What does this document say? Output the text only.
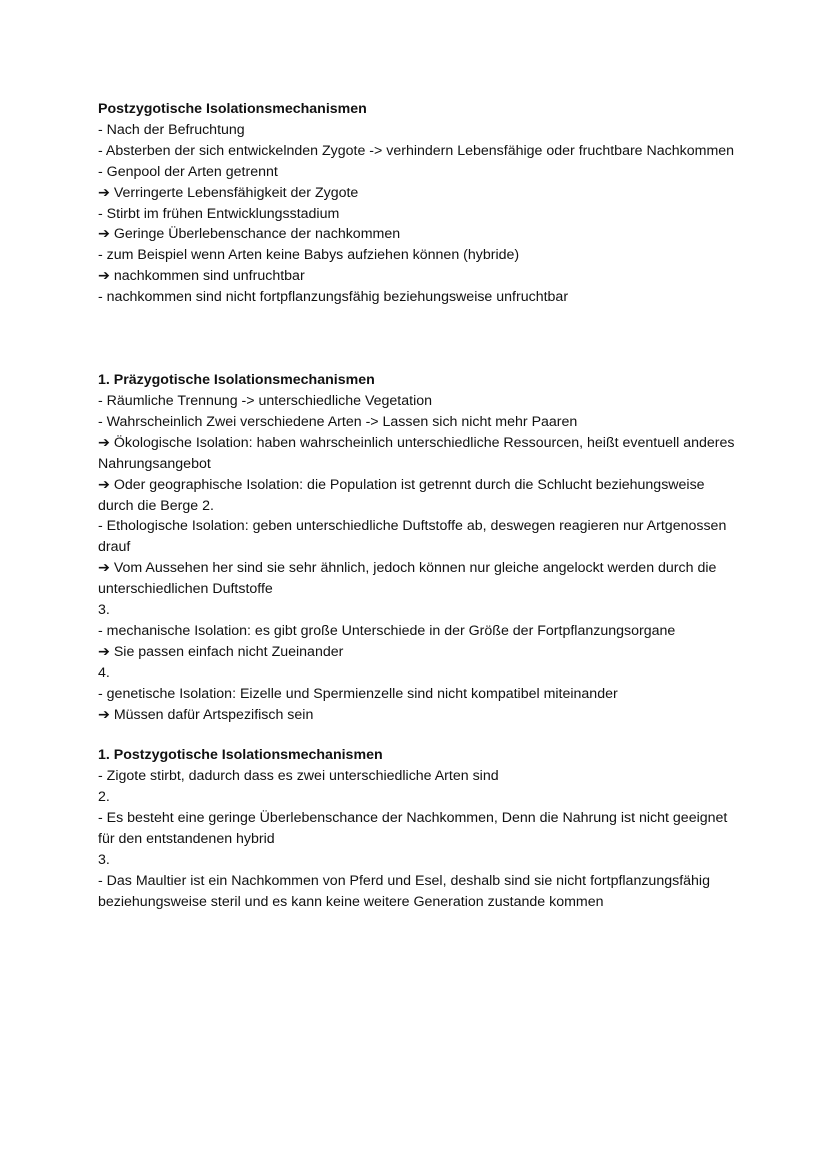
Postzygotische Isolationsmechanismen
- Nach der Befruchtung
- Absterben der sich entwickelnden Zygote -> verhindern Lebensfähige oder fruchtbare Nachkommen
- Genpool der Arten getrennt
➔ Verringerte Lebensfähigkeit der Zygote
- Stirbt im frühen Entwicklungsstadium
➔ Geringe Überlebenschance der nachkommen
- zum Beispiel wenn Arten keine Babys aufziehen können (hybride)
➔ nachkommen sind unfruchtbar
- nachkommen sind nicht fortpflanzungsfähig beziehungsweise unfruchtbar
1. Präzygotische Isolationsmechanismen
- Räumliche Trennung -> unterschiedliche Vegetation
- Wahrscheinlich Zwei verschiedene Arten -> Lassen sich nicht mehr Paaren
➔ Ökologische Isolation: haben wahrscheinlich unterschiedliche Ressourcen, heißt eventuell anderes Nahrungsangebot
➔ Oder geographische Isolation: die Population ist getrennt durch die Schlucht beziehungsweise durch die Berge 2.
- Ethologische Isolation: geben unterschiedliche Duftstoffe ab, deswegen reagieren nur Artgenossen drauf
➔ Vom Aussehen her sind sie sehr ähnlich, jedoch können nur gleiche angelockt werden durch die unterschiedlichen Duftstoffe
3.
- mechanische Isolation: es gibt große Unterschiede in der Größe der Fortpflanzungsorgane
➔ Sie passen einfach nicht Zueinander
4.
- genetische Isolation: Eizelle und Spermienzelle sind nicht kompatibel miteinander
➔ Müssen dafür Artspezifisch sein
1. Postzygotische Isolationsmechanismen
- Zigote stirbt, dadurch dass es zwei unterschiedliche Arten sind
2.
- Es besteht eine geringe Überlebenschance der Nachkommen, Denn die Nahrung ist nicht geeignet für den entstandenen hybrid
3.
- Das Maultier ist ein Nachkommen von Pferd und Esel, deshalb sind sie nicht fortpflanzungsfähig beziehungsweise steril und es kann keine weitere Generation zustande kommen
